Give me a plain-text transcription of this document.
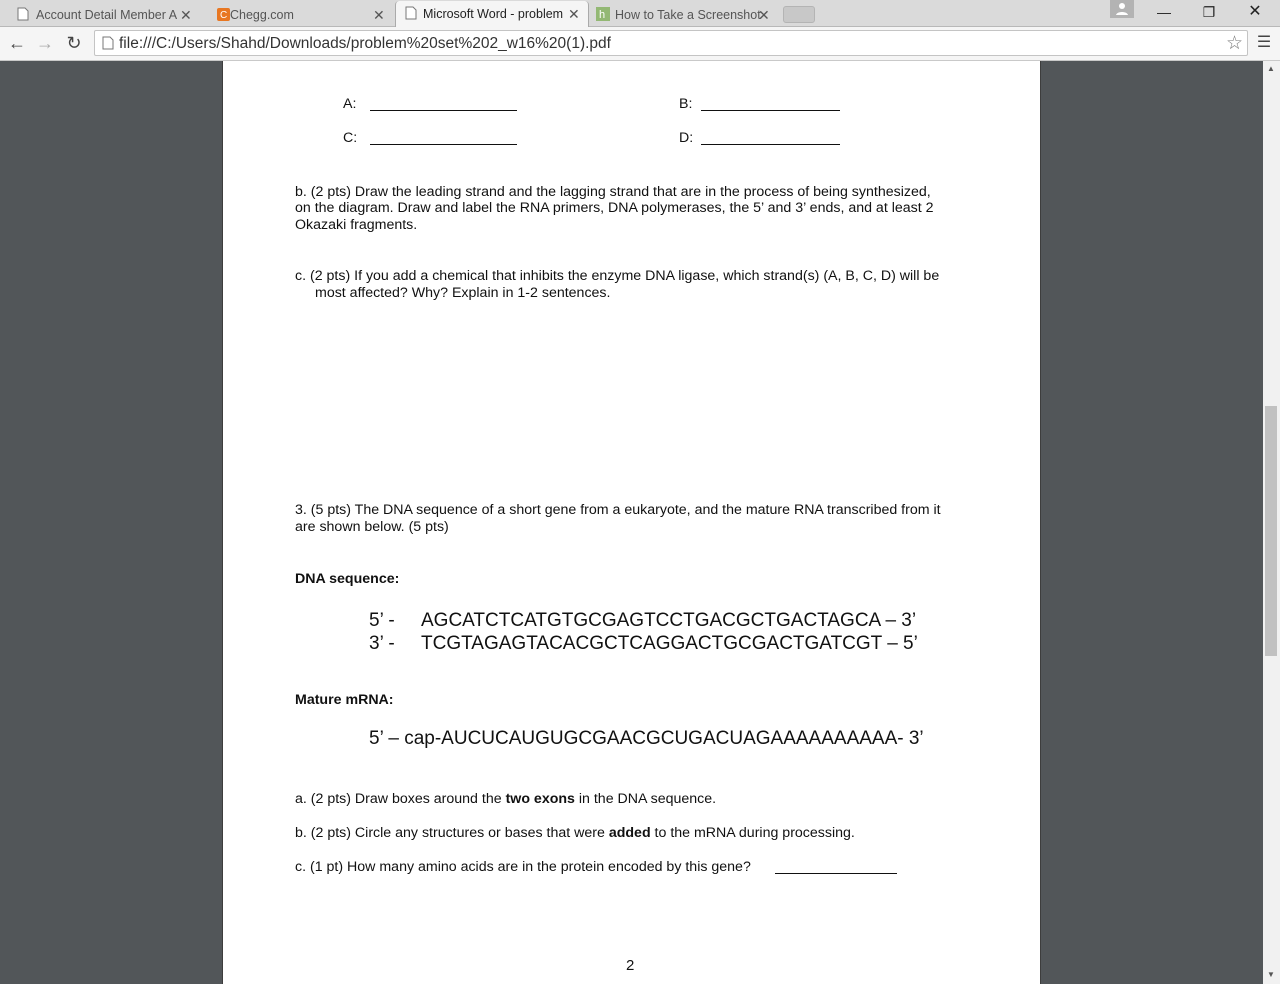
Account Detail Member A ✕	C Chegg.com	✕	Microsoft Word - problem ✕ h How to Take a Screenshot
✕	—	❐	✕
← → ↻ file:///C:/Users/Shahd/Downloads/problem%20set%202_w16%20(1).pdf	☆ ☰
A:	B:
C:	D:
b. (2 pts) Draw the leading strand and the lagging strand that are in the process of being synthesized,
on the diagram. Draw and label the RNA primers, DNA polymerases, the 5’ and 3’ ends, and at least 2
Okazaki fragments.
c. (2 pts) If you add a chemical that inhibits the enzyme DNA ligase, which strand(s) (A, B, C, D) will be
most affected? Why? Explain in 1-2 sentences.
3. (5 pts) The DNA sequence of a short gene from a eukaryote, and the mature RNA transcribed from it
are shown below. (5 pts)
DNA sequence:
5’ - AGCATCTCATGTGCGAGTCCTGACGCTGACTAGCA – 3’
3’ - TCGTAGAGTACACGCTCAGGACTGCGACTGATCGT – 5’
Mature mRNA:
5’ – cap-AUCUCAUGUGCGAACGCUGACUAGAAAAAAAAAA- 3’
a. (2 pts) Draw boxes around the two exons in the DNA sequence.
b. (2 pts) Circle any structures or bases that were added to the mRNA during processing.
c. (1 pt) How many amino acids are in the protein encoded by this gene?
2
▲
▼
